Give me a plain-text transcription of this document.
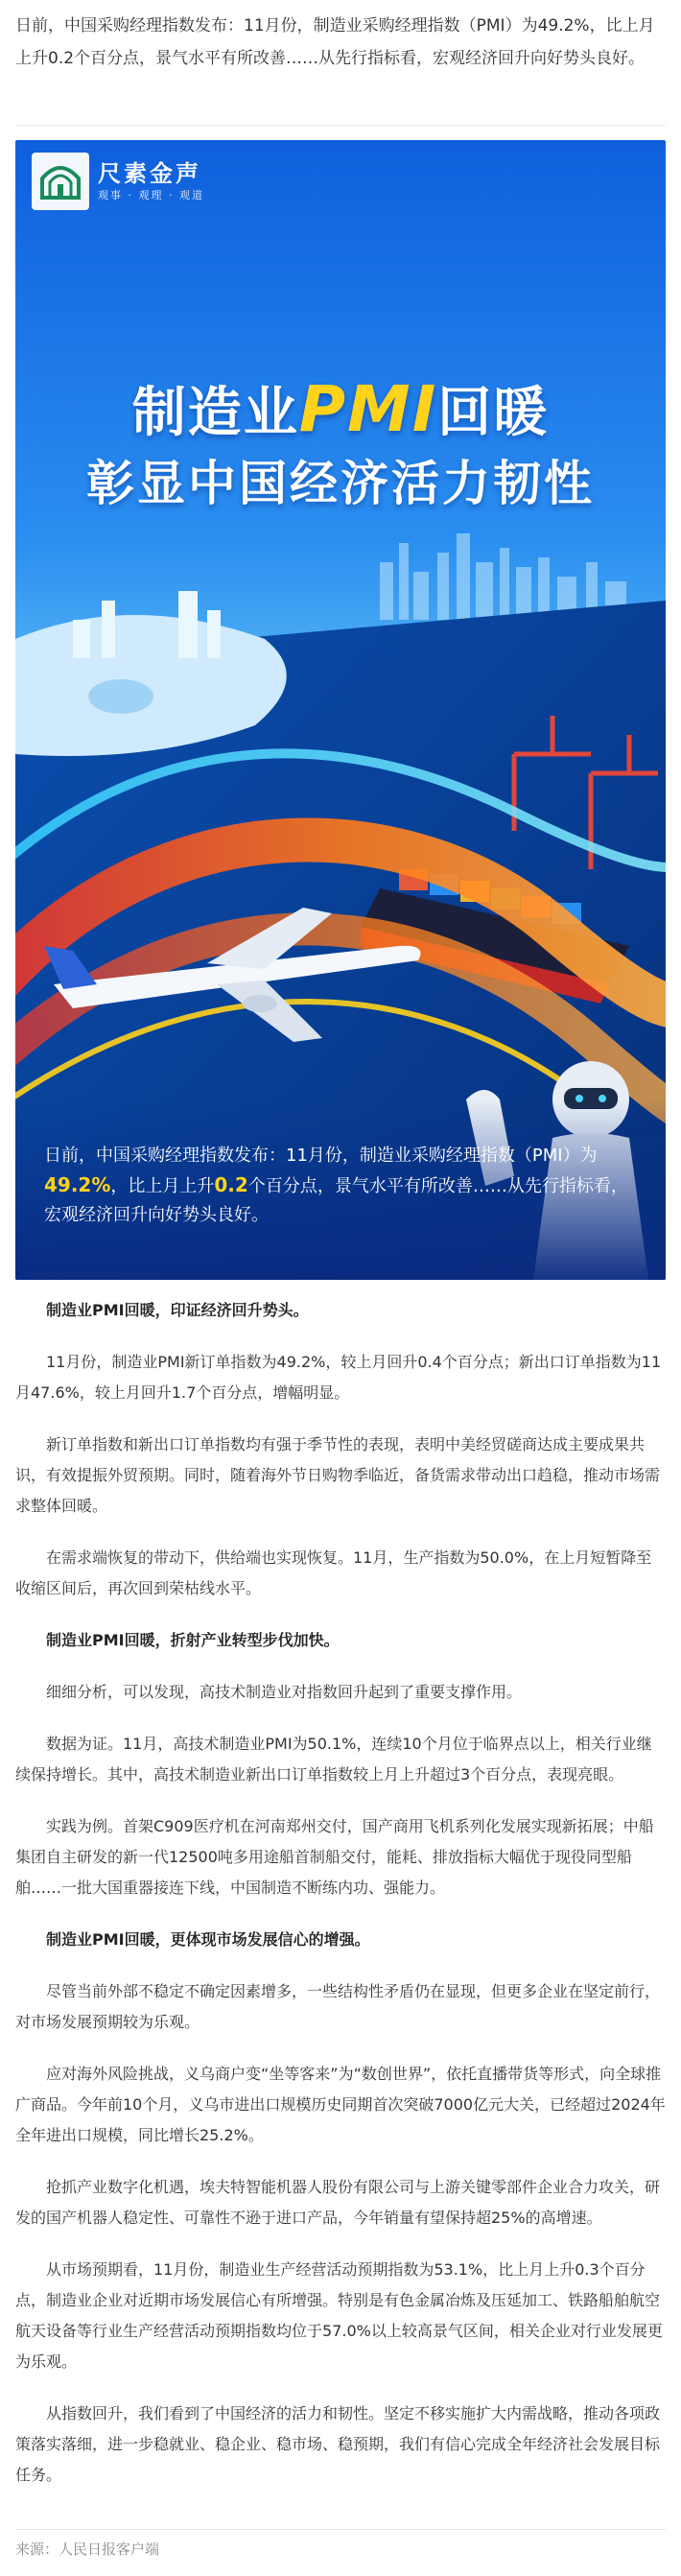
日前，中国采购经理指数发布：11月份，制造业采购经理指数（PMI）为49.2%，比上月上升0.2个百分点，景气水平有所改善……从先行指标看，宏观经济回升向好势头良好。

尺素金声
观事 · 观理 · 观道
制造业PMI回暖
彰显中国经济活力韧性

日前，中国采购经理指数发布：11月份，制造业采购经理指数（PMI）为49.2%，比上月上升0.2个百分点，景气水平有所改善……从先行指标看，宏观经济回升向好势头良好。

制造业PMI回暖，印证经济回升势头。

11月份，制造业PMI新订单指数为49.2%，较上月回升0.4个百分点；新出口订单指数为11月47.6%，较上月回升1.7个百分点，增幅明显。

新订单指数和新出口订单指数均有强于季节性的表现，表明中美经贸磋商达成主要成果共识，有效提振外贸预期。同时，随着海外节日购物季临近，备货需求带动出口趋稳，推动市场需求整体回暖。

在需求端恢复的带动下，供给端也实现恢复。11月，生产指数为50.0%，在上月短暂降至收缩区间后，再次回到荣枯线水平。

制造业PMI回暖，折射产业转型步伐加快。

细细分析，可以发现，高技术制造业对指数回升起到了重要支撑作用。

数据为证。11月，高技术制造业PMI为50.1%，连续10个月位于临界点以上，相关行业继续保持增长。其中，高技术制造业新出口订单指数较上月上升超过3个百分点，表现亮眼。

实践为例。首架C909医疗机在河南郑州交付，国产商用飞机系列化发展实现新拓展；中船集团自主研发的新一代12500吨多用途船首制船交付，能耗、排放指标大幅优于现役同型船舶……一批大国重器接连下线，中国制造不断练内功、强能力。

制造业PMI回暖，更体现市场发展信心的增强。

尽管当前外部不稳定不确定因素增多，一些结构性矛盾仍在显现，但更多企业在坚定前行，对市场发展预期较为乐观。

应对海外风险挑战，义乌商户变“坐等客来”为“数创世界”，依托直播带货等形式，向全球推广商品。今年前10个月，义乌市进出口规模历史同期首次突破7000亿元大关，已经超过2024年全年进出口规模，同比增长25.2%。

抢抓产业数字化机遇，埃夫特智能机器人股份有限公司与上游关键零部件企业合力攻关，研发的国产机器人稳定性、可靠性不逊于进口产品，今年销量有望保持超25%的高增速。

从市场预期看，11月份，制造业生产经营活动预期指数为53.1%，比上月上升0.3个百分点，制造业企业对近期市场发展信心有所增强。特别是有色金属冶炼及压延加工、铁路船舶航空航天设备等行业生产经营活动预期指数均位于57.0%以上较高景气区间，相关企业对行业发展更为乐观。

从指数回升，我们看到了中国经济的活力和韧性。坚定不移实施扩大内需战略，推动各项政策落实落细，进一步稳就业、稳企业、稳市场、稳预期，我们有信心完成全年经济社会发展目标任务。

来源：人民日报客户端
